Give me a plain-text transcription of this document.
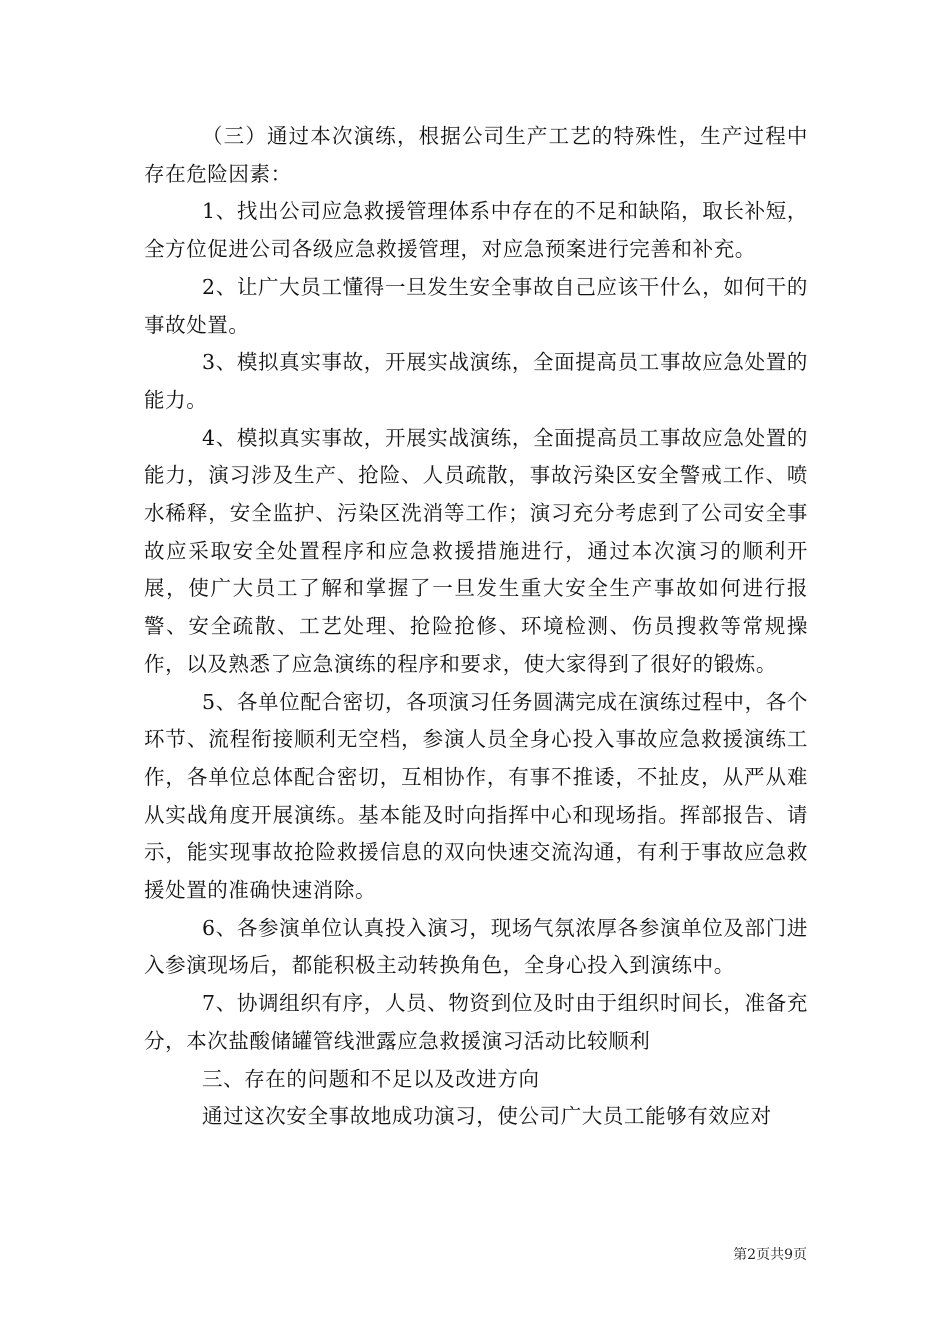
（三）通过本次演练，根据公司生产工艺的特殊性，生产过程中存在危险因素：

1、找出公司应急救援管理体系中存在的不足和缺陷，取长补短，全方位促进公司各级应急救援管理，对应急预案进行完善和补充。

2、让广大员工懂得一旦发生安全事故自己应该干什么，如何干的事故处置。

3、模拟真实事故，开展实战演练，全面提高员工事故应急处置的能力。

4、模拟真实事故，开展实战演练，全面提高员工事故应急处置的能力，演习涉及生产、抢险、人员疏散，事故污染区安全警戒工作、喷水稀释，安全监护、污染区洗消等工作；演习充分考虑到了公司安全事故应采取安全处置程序和应急救援措施进行，通过本次演习的顺利开展，使广大员工了解和掌握了一旦发生重大安全生产事故如何进行报警、安全疏散、工艺处理、抢险抢修、环境检测、伤员搜救等常规操作，以及熟悉了应急演练的程序和要求，使大家得到了很好的锻炼。

5、各单位配合密切，各项演习任务圆满完成在演练过程中，各个环节、流程衔接顺利无空档，参演人员全身心投入事故应急救援演练工作，各单位总体配合密切，互相协作，有事不推诿，不扯皮，从严从难从实战角度开展演练。基本能及时向指挥中心和现场指。挥部报告、请示，能实现事故抢险救援信息的双向快速交流沟通，有利于事故应急救援处置的准确快速消除。

6、各参演单位认真投入演习，现场气氛浓厚各参演单位及部门进入参演现场后，都能积极主动转换角色，全身心投入到演练中。

7、协调组织有序，人员、物资到位及时由于组织时间长，准备充分，本次盐酸储罐管线泄露应急救援演习活动比较顺利

三、存在的问题和不足以及改进方向

通过这次安全事故地成功演习，使公司广大员工能够有效应对

第2页共9页
